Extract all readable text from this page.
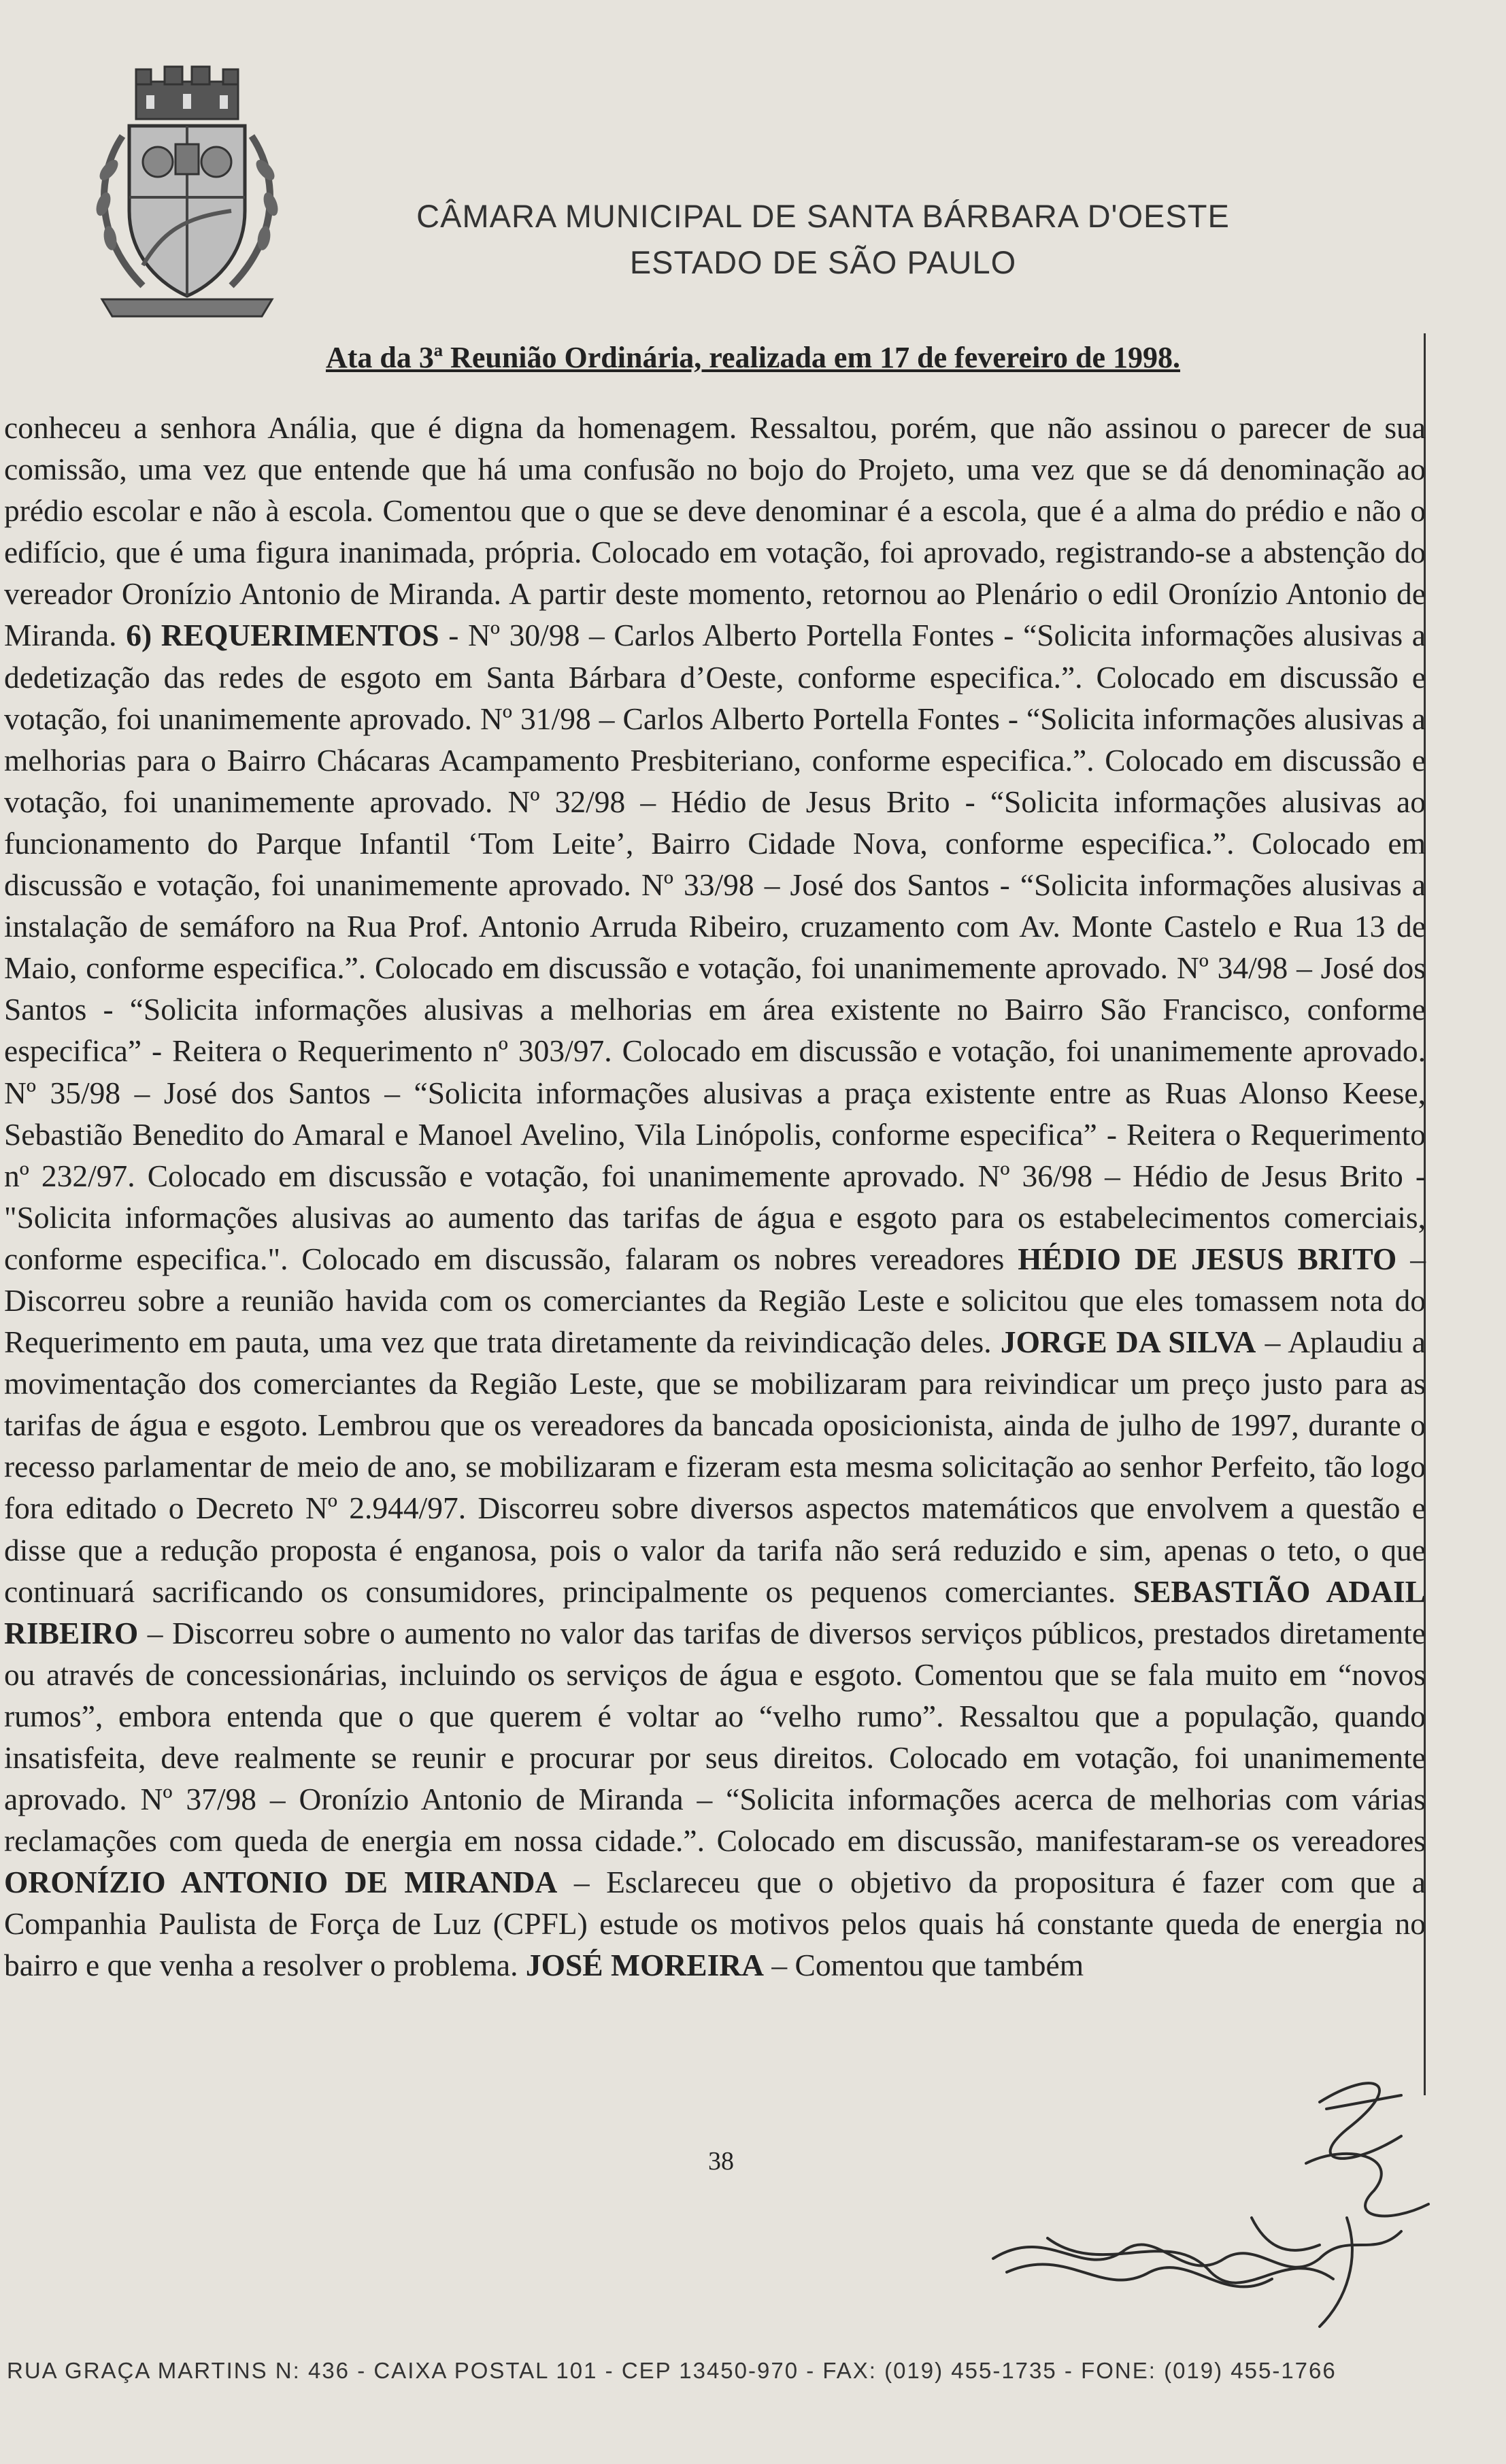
CÂMARA MUNICIPAL DE SANTA BÁRBARA D'OESTE
ESTADO DE SÃO PAULO
Ata da 3ª Reunião Ordinária, realizada em 17 de fevereiro de 1998.
conheceu a senhora Anália, que é digna da homenagem. Ressaltou, porém, que não assinou o parecer de sua comissão, uma vez que entende que há uma confusão no bojo do Projeto, uma vez que se dá denominação ao prédio escolar e não à escola. Comentou que o que se deve denominar é a escola, que é a alma do prédio e não o edifício, que é uma figura inanimada, própria. Colocado em votação, foi aprovado, registrando-se a abstenção do vereador Oronízio Antonio de Miranda. A partir deste momento, retornou ao Plenário o edil Oronízio Antonio de Miranda. 6) REQUERIMENTOS - Nº 30/98 – Carlos Alberto Portella Fontes - “Solicita informações alusivas a dedetização das redes de esgoto em Santa Bárbara d’Oeste, conforme especifica.”. Colocado em discussão e votação, foi unanimemente aprovado. Nº 31/98 – Carlos Alberto Portella Fontes - “Solicita informações alusivas a melhorias para o Bairro Chácaras Acampamento Presbiteriano, conforme especifica.”. Colocado em discussão e votação, foi unanimemente aprovado. Nº 32/98 – Hédio de Jesus Brito - “Solicita informações alusivas ao funcionamento do Parque Infantil ‘Tom Leite’, Bairro Cidade Nova, conforme especifica.”. Colocado em discussão e votação, foi unanimemente aprovado. Nº 33/98 – José dos Santos - “Solicita informações alusivas a instalação de semáforo na Rua Prof. Antonio Arruda Ribeiro, cruzamento com Av. Monte Castelo e Rua 13 de Maio, conforme especifica.”. Colocado em discussão e votação, foi unanimemente aprovado. Nº 34/98 – José dos Santos - “Solicita informações alusivas a melhorias em área existente no Bairro São Francisco, conforme especifica” - Reitera o Requerimento nº 303/97. Colocado em discussão e votação, foi unanimemente aprovado. Nº 35/98 – José dos Santos – “Solicita informações alusivas a praça existente entre as Ruas Alonso Keese, Sebastião Benedito do Amaral e Manoel Avelino, Vila Linópolis, conforme especifica” - Reitera o Requerimento nº 232/97. Colocado em discussão e votação, foi unanimemente aprovado. Nº 36/98 – Hédio de Jesus Brito - "Solicita informações alusivas ao aumento das tarifas de água e esgoto para os estabelecimentos comerciais, conforme especifica.". Colocado em discussão, falaram os nobres vereadores HÉDIO DE JESUS BRITO – Discorreu sobre a reunião havida com os comerciantes da Região Leste e solicitou que eles tomassem nota do Requerimento em pauta, uma vez que trata diretamente da reivindicação deles. JORGE DA SILVA – Aplaudiu a movimentação dos comerciantes da Região Leste, que se mobilizaram para reivindicar um preço justo para as tarifas de água e esgoto. Lembrou que os vereadores da bancada oposicionista, ainda de julho de 1997, durante o recesso parlamentar de meio de ano, se mobilizaram e fizeram esta mesma solicitação ao senhor Perfeito, tão logo fora editado o Decreto Nº 2.944/97. Discorreu sobre diversos aspectos matemáticos que envolvem a questão e disse que a redução proposta é enganosa, pois o valor da tarifa não será reduzido e sim, apenas o teto, o que continuará sacrificando os consumidores, principalmente os pequenos comerciantes. SEBASTIÃO ADAIL RIBEIRO – Discorreu sobre o aumento no valor das tarifas de diversos serviços públicos, prestados diretamente ou através de concessionárias, incluindo os serviços de água e esgoto. Comentou que se fala muito em “novos rumos”, embora entenda que o que querem é voltar ao “velho rumo”. Ressaltou que a população, quando insatisfeita, deve realmente se reunir e procurar por seus direitos. Colocado em votação, foi unanimemente aprovado. Nº 37/98 – Oronízio Antonio de Miranda – “Solicita informações acerca de melhorias com várias reclamações com queda de energia em nossa cidade.”. Colocado em discussão, manifestaram-se os vereadores ORONÍZIO ANTONIO DE MIRANDA – Esclareceu que o objetivo da propositura é fazer com que a Companhia Paulista de Força de Luz (CPFL) estude os motivos pelos quais há constante queda de energia no bairro e que venha a resolver o problema. JOSÉ MOREIRA – Comentou que também
38
RUA GRAÇA MARTINS N: 436 - CAIXA POSTAL 101 - CEP 13450-970 - FAX: (019) 455-1735 - FONE: (019) 455-1766
